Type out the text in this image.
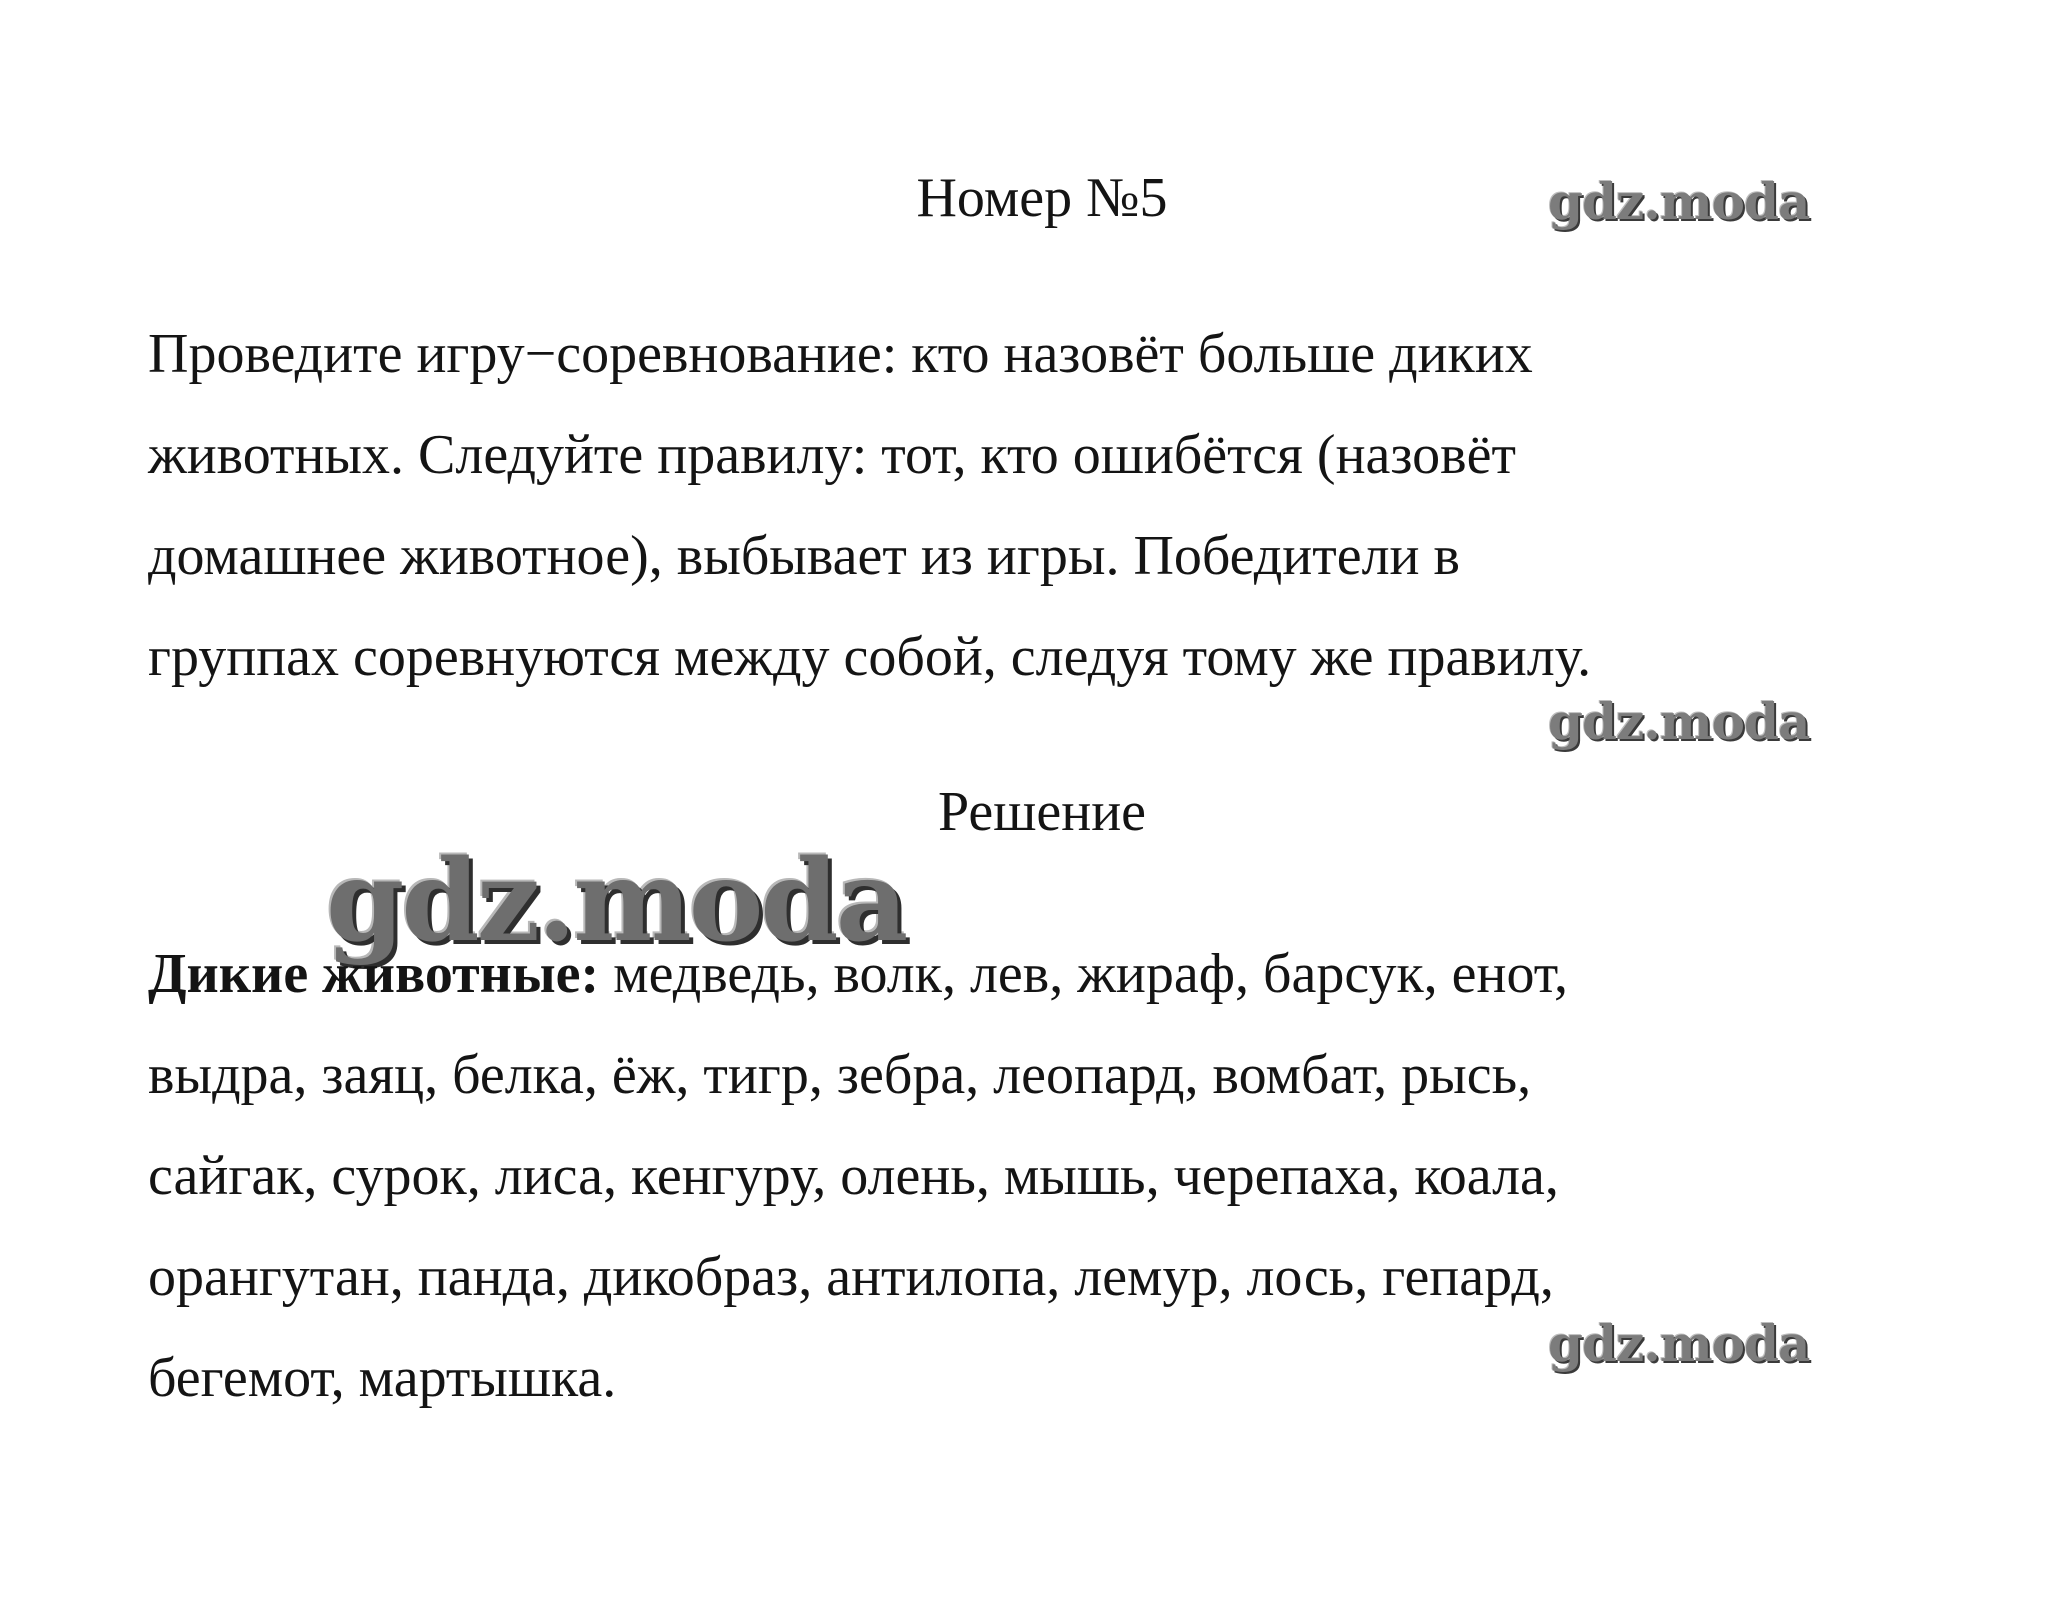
Номер №5	gdz.moda

Проведите игру−соревнование: кто назовёт больше диких
животных. Следуйте правилу: тот, кто ошибётся (назовёт
домашнее животное), выбывает из игры. Победители в
группах соревнуются между собой, следуя тому же правилу.

gdz.moda
Решение
gdz.moda

Дикие животные: медведь, волк, лев, жираф, барсук, енот,
выдра, заяц, белка, ёж, тигр, зебра, леопард, вомбат, рысь,
сайгак, сурок, лиса, кенгуру, олень, мышь, черепаха, коала,
орангутан, панда, дикобраз, антилопа, лемур, лось, гепард,
бегемот, мартышка.

gdz.moda
